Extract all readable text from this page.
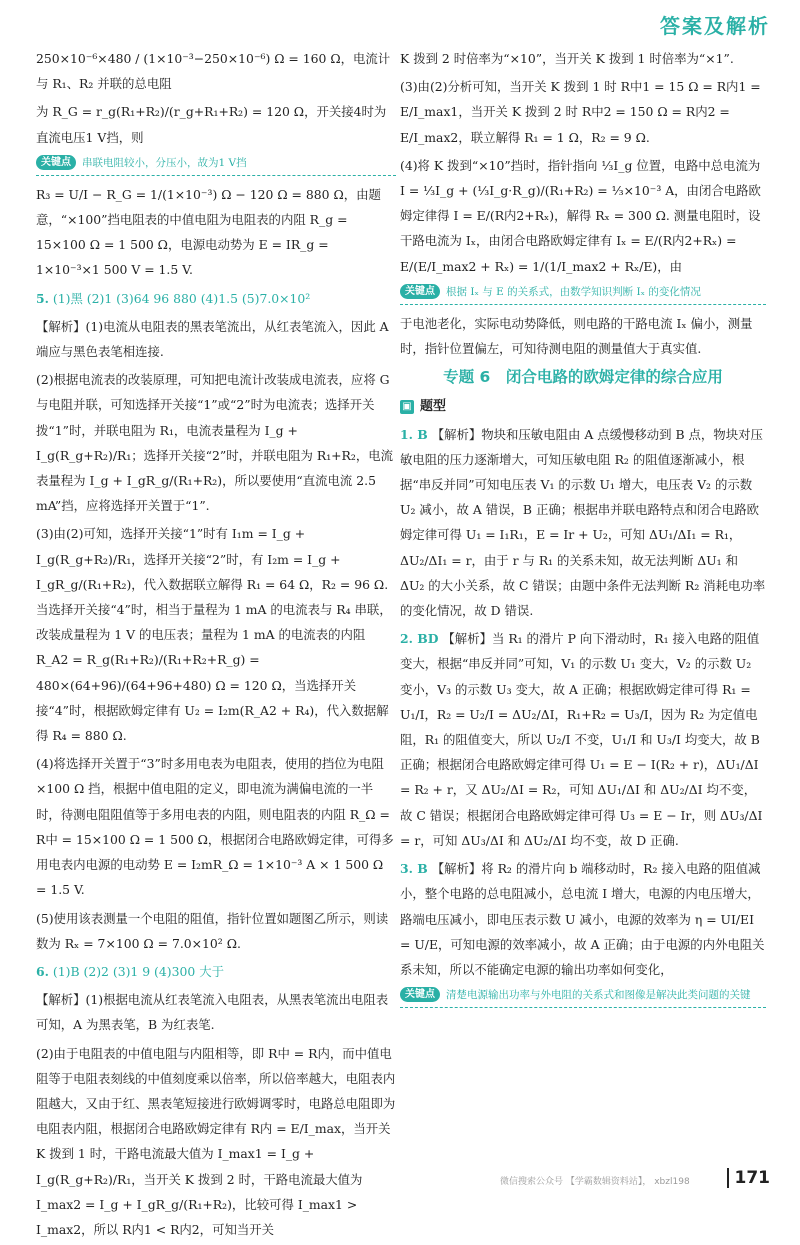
答案及解析

250×10⁻⁶×480 / (1×10⁻³−250×10⁻⁶) Ω = 160 Ω，电流计与 R₁、R₂ 并联的总电阻

为 R_G = r_g(R₁+R₂)/(r_g+R₁+R₂) = 120 Ω，开关接4时为直流电压1 V挡，则

关键点	串联电阻较小，分压小，故为1 V挡

R₃ = U/I − R_G = 1/(1×10⁻³) Ω − 120 Ω = 880 Ω，由题意，“×100”挡电阻表的中值电阻为电阻表的内阻 R_g = 15×100 Ω = 1 500 Ω，电源电动势为 E = IR_g = 1×10⁻³×1 500 V = 1.5 V.

5. (1)黑 (2)1 (3)64 96 880 (4)1.5 (5)7.0×10²

【解析】(1)电流从电阻表的黑表笔流出，从红表笔流入，因此 A 端应与黑色表笔相连接.

(2)根据电流表的改装原理，可知把电流计改装成电流表，应将 G 与电阻并联，可知选择开关接“1”或“2”时为电流表；选择开关拨“1”时，并联电阻为 R₁，电流表量程为 I_g + I_g(R_g+R₂)/R₁；选择开关接“2”时，并联电阻为 R₁+R₂，电流表量程为 I_g + I_gR_g/(R₁+R₂)，所以要使用“直流电流 2.5 mA”挡，应将选择开关置于“1”.

(3)由(2)可知，选择开关接“1”时有 I₁m = I_g + I_g(R_g+R₂)/R₁，选择开关接“2”时，有 I₂m = I_g + I_gR_g/(R₁+R₂)，代入数据联立解得 R₁ = 64 Ω，R₂ = 96 Ω. 当选择开关接“4”时，相当于量程为 1 mA 的电流表与 R₄ 串联，改装成量程为 1 V 的电压表；量程为 1 mA 的电流表的内阻 R_A2 = R_g(R₁+R₂)/(R₁+R₂+R_g) = 480×(64+96)/(64+96+480) Ω = 120 Ω，当选择开关接“4”时，根据欧姆定律有 U₂ = I₂m(R_A2 + R₄)，代入数据解得 R₄ = 880 Ω.

(4)将选择开关置于“3”时多用电表为电阻表，使用的挡位为电阻×100 Ω 挡，根据中值电阻的定义，即电流为满偏电流的一半时，待测电阻阻值等于多用电表的内阻，则电阻表的内阻 R_Ω = R中 = 15×100 Ω = 1 500 Ω，根据闭合电路欧姆定律，可得多用电表内电源的电动势 E = I₂mR_Ω = 1×10⁻³ A × 1 500 Ω = 1.5 V.

(5)使用该表测量一个电阻的阻值，指针位置如题图乙所示，则读数为 Rₓ = 7×100 Ω = 7.0×10² Ω.

6. (1)B (2)2 (3)1 9 (4)300 大于

【解析】(1)根据电流从红表笔流入电阻表，从黑表笔流出电阻表可知，A 为黑表笔，B 为红表笔.

(2)由于电阻表的中值电阻与内阻相等，即 R中 = R内，而中值电阻等于电阻表刻线的中值刻度乘以倍率，所以倍率越大，电阻表内阻越大，又由于红、黑表笔短接进行欧姆调零时，电路总电阻即为电阻表内阻，根据闭合电路欧姆定律有 R内 = E/I_max，当开关 K 拨到 1 时，干路电流最大值为 I_max1 = I_g + I_g(R_g+R₂)/R₁，当开关 K 拨到 2 时，干路电流最大值为 I_max2 = I_g + I_gR_g/(R₁+R₂)，比较可得 I_max1 > I_max2，所以 R内1 < R内2，可知当开关

K 拨到 2 时倍率为“×10”，当开关 K 拨到 1 时倍率为“×1”.

(3)由(2)分析可知，当开关 K 拨到 1 时 R中1 = 15 Ω = R内1 = E/I_max1，当开关 K 拨到 2 时 R中2 = 150 Ω = R内2 = E/I_max2，联立解得 R₁ = 1 Ω，R₂ = 9 Ω.

(4)将 K 拨到“×10”挡时，指针指向 ⅓I_g 位置，电路中总电流为 I = ⅓I_g + (⅓I_g·R_g)/(R₁+R₂) = ⅓×10⁻³ A，由闭合电路欧姆定律得 I = E/(R内2+Rₓ)，解得 Rₓ = 300 Ω. 测量电阻时，设干路电流为 Iₓ，由闭合电路欧姆定律有 Iₓ = E/(R内2+Rₓ) = E/(E/I_max2 + Rₓ) = 1/(1/I_max2 + Rₓ/E)，由

关键点	根据 Iₓ 与 E 的关系式，由数学知识判断 Iₓ 的变化情况

于电池老化，实际电动势降低，则电路的干路电流 Iₓ 偏小，测量时，指针位置偏左，可知待测电阻的测量值大于真实值.

专题 6　闭合电路的欧姆定律的综合应用
▣ 题型

1. B 【解析】物块和压敏电阻由 A 点缓慢移动到 B 点，物块对压敏电阻的压力逐渐增大，可知压敏电阻 R₂ 的阻值逐渐减小，根据“串反并同”可知电压表 V₁ 的示数 U₁ 增大，电压表 V₂ 的示数 U₂ 减小，故 A 错误，B 正确；根据串并联电路特点和闭合电路欧姆定律可得 U₁ = I₁R₁，E = Ir + U₂，可知 ΔU₁/ΔI₁ = R₁，ΔU₂/ΔI₁ = r，由于 r 与 R₁ 的关系未知，故无法判断 ΔU₁ 和 ΔU₂ 的大小关系，故 C 错误；由题中条件无法判断 R₂ 消耗电功率的变化情况，故 D 错误.

2. BD 【解析】当 R₁ 的滑片 P 向下滑动时，R₁ 接入电路的阻值变大，根据“串反并同”可知，V₁ 的示数 U₁ 变大，V₂ 的示数 U₂ 变小，V₃ 的示数 U₃ 变大，故 A 正确；根据欧姆定律可得 R₁ = U₁/I，R₂ = U₂/I = ΔU₂/ΔI，R₁+R₂ = U₃/I，因为 R₂ 为定值电阻，R₁ 的阻值变大，所以 U₂/I 不变，U₁/I 和 U₃/I 均变大，故 B 正确；根据闭合电路欧姆定律可得 U₁ = E − I(R₂ + r)，ΔU₁/ΔI = R₂ + r，又 ΔU₂/ΔI = R₂，可知 ΔU₁/ΔI 和 ΔU₂/ΔI 均不变，故 C 错误；根据闭合电路欧姆定律可得 U₃ = E − Ir，则 ΔU₃/ΔI = r，可知 ΔU₃/ΔI 和 ΔU₂/ΔI 均不变，故 D 正确.

3. B 【解析】将 R₂ 的滑片向 b 端移动时，R₂ 接入电路的阻值减小，整个电路的总电阻减小，总电流 I 增大，电源的内电压增大，路端电压减小，即电压表示数 U 减小，电源的效率为 η = UI/EI = U/E，可知电源的效率减小，故 A 正确；由于电源的内外电阻关系未知，所以不能确定电源的输出功率如何变化，

关键点	清楚电源输出功率与外电阻的关系式和图像是解决此类问题的关键
微信搜索公众号 【学霸数辑资料站】， xbzl198	171
